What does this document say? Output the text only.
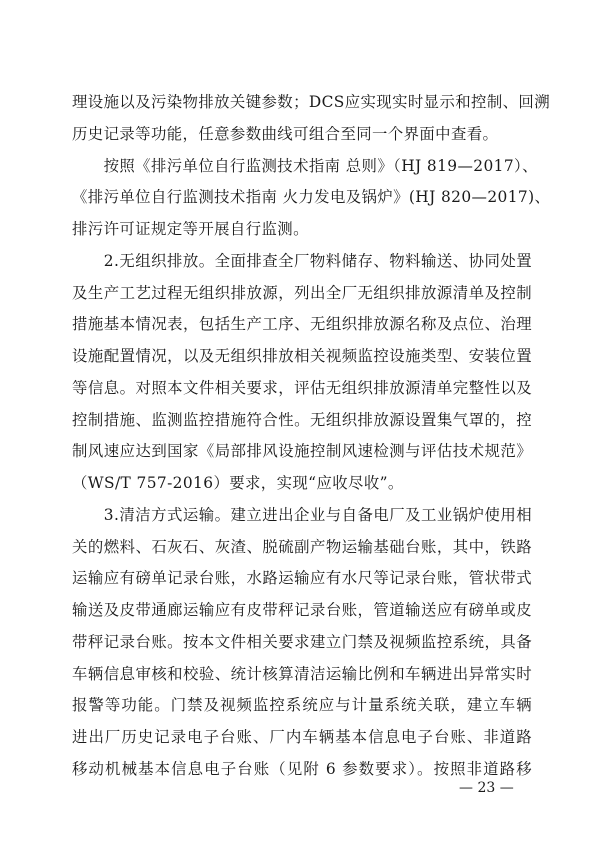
理设施以及污染物排放关键参数；DCS应实现实时显示和控制、回溯
历史记录等功能，任意参数曲线可组合至同一个界面中查看。
　　按照《排污单位自行监测技术指南 总则》（HJ 819—2017）、
《排污单位自行监测技术指南 火力发电及锅炉》(HJ 820—2017)、
排污许可证规定等开展自行监测。
　　2.无组织排放。全面排查全厂物料储存、物料输送、协同处置
及生产工艺过程无组织排放源，列出全厂无组织排放源清单及控制
措施基本情况表，包括生产工序、无组织排放源名称及点位、治理
设施配置情况，以及无组织排放相关视频监控设施类型、安装位置
等信息。对照本文件相关要求，评估无组织排放源清单完整性以及
控制措施、监测监控措施符合性。无组织排放源设置集气罩的，控
制风速应达到国家《局部排风设施控制风速检测与评估技术规范》
（WS/T 757-2016）要求，实现“应收尽收”。
　　3.清洁方式运输。建立进出企业与自备电厂及工业锅炉使用相
关的燃料、石灰石、灰渣、脱硫副产物运输基础台账，其中，铁路
运输应有磅单记录台账，水路运输应有水尺等记录台账，管状带式
输送及皮带通廊运输应有皮带秤记录台账，管道输送应有磅单或皮
带秤记录台账。按本文件相关要求建立门禁及视频监控系统，具备
车辆信息审核和校验、统计核算清洁运输比例和车辆进出异常实时
报警等功能。门禁及视频监控系统应与计量系统关联，建立车辆
进出厂历史记录电子台账、厂内车辆基本信息电子台账、非道路
移动机械基本信息电子台账（见附 6 参数要求）。按照非道路移
— 23 —
